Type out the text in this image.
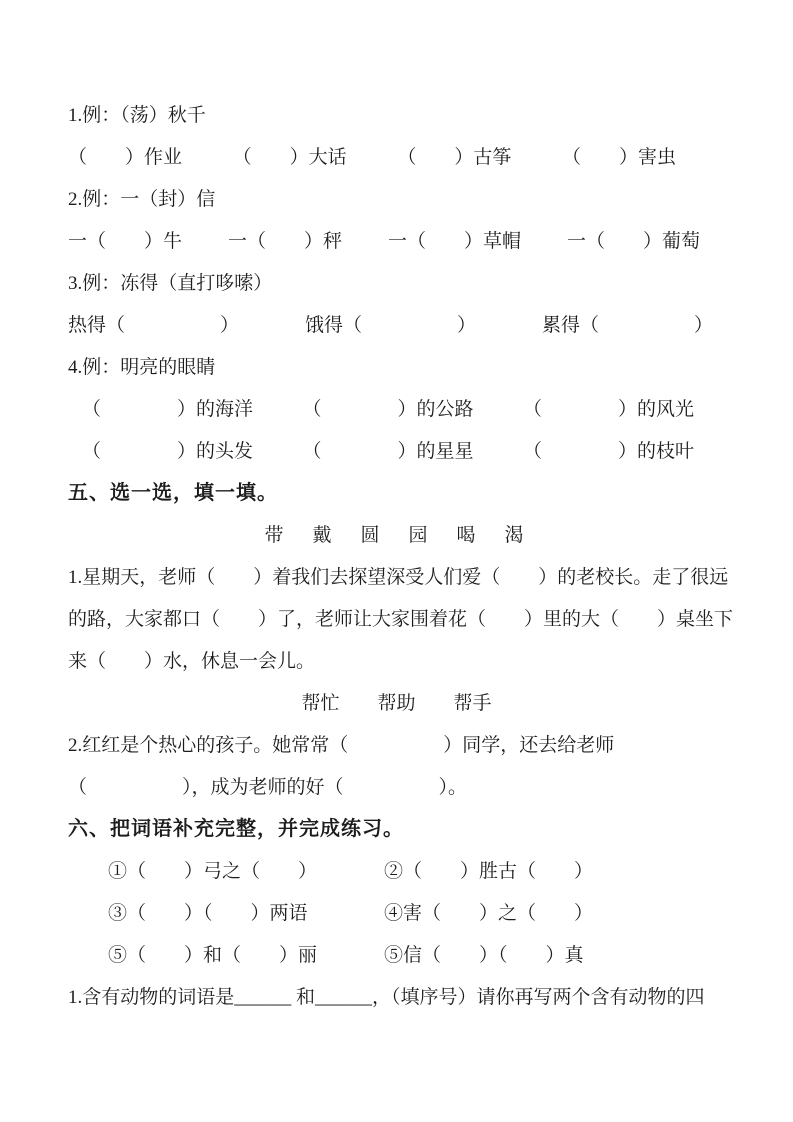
1.例：（荡）秋千
（　　）作业	（　　）大话	（　　）古筝	（　　）害虫
2.例：一（封）信
一（　　）牛 一（　　）秤 一（　　）草帽 一（　　）葡萄
3.例：冻得（直打哆嗦）
热得（　　　　　）	饿得（　　　　　）	累得（　　　　　）
4.例：明亮的眼睛
（　　　　）的海洋	（　　　　）的公路	（　　　　）的风光
（　　　　）的头发	（　　　　）的星星	（　　　　）的枝叶
五、选一选，填一填。
带　戴　圆　园　喝　渴
1.星期天，老师（　　）着我们去探望深受人们爱（　　）的老校长。走了很远
的路，大家都口（　　）了，老师让大家围着花（　　）里的大（　　）桌坐下
来（　　）水，休息一会儿。
帮忙　　帮助　　帮手
2.红红是个热心的孩子。她常常（　　　　　）同学，还去给老师
（　　　　　），成为老师的好（　　　　　）。
六、把词语补充完整，并完成练习。
①（　　）弓之（　　）	②（　　）胜古（　　）
③（　　）（　　）两语	④害（　　）之（　　）
⑤（　　）和（　　）丽	⑤信（　　）（　　）真
1.含有动物的词语是______ 和______，（填序号）请你再写两个含有动物的四
